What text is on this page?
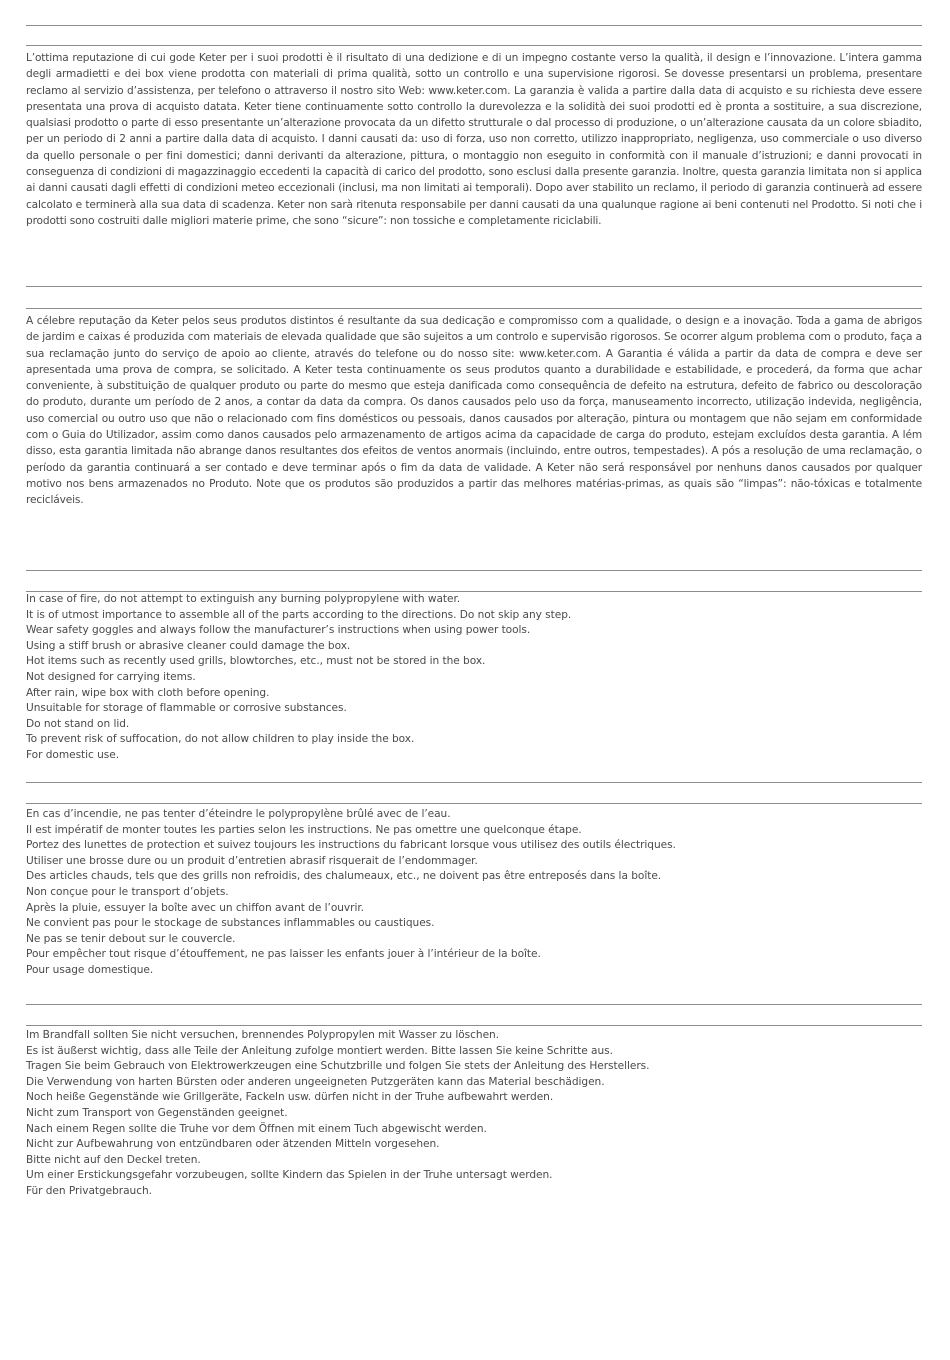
L’ottima reputazione di cui gode Keter per i suoi prodotti è il risultato di una dedizione e di un impegno costante verso la qualità, il design e l’innovazione. L’intera gamma degli armadietti e dei box viene prodotta con materiali di prima qualità, sotto un controllo e una supervisione rigorosi. Se dovesse presentarsi un problema, presentare reclamo al servizio d’assistenza, per telefono o attraverso il nostro sito Web: www.keter.com. La garanzia è valida a partire dalla data di acquisto e su richiesta deve essere presentata una prova di acquisto datata. Keter tiene continuamente sotto controllo la durevolezza e la solidità dei suoi prodotti ed è pronta a sostituire, a sua discrezione, qualsiasi prodotto o parte di esso presentante un’alterazione provocata da un difetto strutturale o dal processo di produzione, o un’alterazione causata da un colore sbiadito, per un periodo di 2 anni a partire dalla data di acquisto. I danni causati da: uso di forza, uso non corretto, utilizzo inappropriato, negligenza, uso commerciale o uso diverso da quello personale o per fini domestici; danni derivanti da alterazione, pittura, o montaggio non eseguito in conformità con il manuale d’istruzioni; e danni provocati in conseguenza di condizioni di magazzinaggio eccedenti la capacità di carico del prodotto, sono esclusi dalla presente garanzia. Inoltre, questa garanzia limitata non si applica ai danni causati dagli effetti di condizioni meteo eccezionali (inclusi, ma non limitati ai temporali). Dopo aver stabilito un reclamo, il periodo di garanzia continuerà ad essere calcolato e terminerà alla sua data di scadenza. Keter non sarà ritenuta responsabile per danni causati da una qualunque ragione ai beni contenuti nel Prodotto. Si noti che i prodotti sono costruiti dalle migliori materie prime, che sono “sicure”: non tossiche e completamente riciclabili.

A célebre reputação da Keter pelos seus produtos distintos é resultante da sua dedicação e compromisso com a qualidade, o design e a inovação. Toda a gama de abrigos de jardim e caixas é produzida com materiais de elevada qualidade que são sujeitos a um controlo e supervisão rigorosos. Se ocorrer algum problema com o produto, faça a sua reclamação junto do serviço de apoio ao cliente, através do telefone ou do nosso site: www.keter.com. A Garantia é válida a partir da data de compra e deve ser apresentada uma prova de compra, se solicitado. A Keter testa continuamente os seus produtos quanto a durabilidade e estabilidade, e procederá, da forma que achar conveniente, à substituição de qualquer produto ou parte do mesmo que esteja danificada como consequência de defeito na estrutura, defeito de fabrico ou descoloração do produto, durante um período de 2 anos, a contar da data da compra. Os danos causados pelo uso da força, manuseamento incorrecto, utilização indevida, negligência, uso comercial ou outro uso que não o relacionado com fins domésticos ou pessoais, danos causados por alteração, pintura ou montagem que não sejam em conformidade com o Guia do Utilizador, assim como danos causados pelo armazenamento de artigos acima da capacidade de carga do produto, estejam excluídos desta garantia. A lém disso, esta garantia limitada não abrange danos resultantes dos efeitos de ventos anormais (incluindo, entre outros, tempestades). A pós a resolução de uma reclamação, o período da garantia continuará a ser contado e deve terminar após o fim da data de validade. A Keter não será responsável por nenhuns danos causados por qualquer motivo nos bens armazenados no Produto. Note que os produtos são produzidos a partir das melhores matérias-primas, as quais são “limpas”: não-tóxicas e totalmente recicláveis.

In case of fire, do not attempt to extinguish any burning polypropylene with water.
It is of utmost importance to assemble all of the parts according to the directions. Do not skip any step.
Wear safety goggles and always follow the manufacturer’s instructions when using power tools.
Using a stiff brush or abrasive cleaner could damage the box.
Hot items such as recently used grills, blowtorches, etc., must not be stored in the box.
Not designed for carrying items.
After rain, wipe box with cloth before opening.
Unsuitable for storage of flammable or corrosive substances.
Do not stand on lid.
To prevent risk of suffocation, do not allow children to play inside the box.
For domestic use.
En cas d’incendie, ne pas tenter d’éteindre le polypropylène brûlé avec de l’eau.
Il est impératif de monter toutes les parties selon les instructions. Ne pas omettre une quelconque étape.
Portez des lunettes de protection et suivez toujours les instructions du fabricant lorsque vous utilisez des outils électriques.
Utiliser une brosse dure ou un produit d’entretien abrasif risquerait de l’endommager.
Des articles chauds, tels que des grills non refroidis, des chalumeaux, etc., ne doivent pas être entreposés dans la boîte.
Non conçue pour le transport d’objets.
Après la pluie, essuyer la boîte avec un chiffon avant de l’ouvrir.
Ne convient pas pour le stockage de substances inflammables ou caustiques.
Ne pas se tenir debout sur le couvercle.
Pour empêcher tout risque d’étouffement, ne pas laisser les enfants jouer à l’intérieur de la boîte.
Pour usage domestique.
Im Brandfall sollten Sie nicht versuchen, brennendes Polypropylen mit Wasser zu löschen.
Es ist äußerst wichtig, dass alle Teile der Anleitung zufolge montiert werden. Bitte lassen Sie keine Schritte aus.
Tragen Sie beim Gebrauch von Elektrowerkzeugen eine Schutzbrille und folgen Sie stets der Anleitung des Herstellers.
Die Verwendung von harten Bürsten oder anderen ungeeigneten Putzgeräten kann das Material beschädigen.
Noch heiße Gegenstände wie Grillgeräte, Fackeln usw. dürfen nicht in der Truhe aufbewahrt werden.
Nicht zum Transport von Gegenständen geeignet.
Nach einem Regen sollte die Truhe vor dem Öffnen mit einem Tuch abgewischt werden.
Nicht zur Aufbewahrung von entzündbaren oder ätzenden Mitteln vorgesehen.
Bitte nicht auf den Deckel treten.
Um einer Erstickungsgefahr vorzubeugen, sollte Kindern das Spielen in der Truhe untersagt werden.
Für den Privatgebrauch.
